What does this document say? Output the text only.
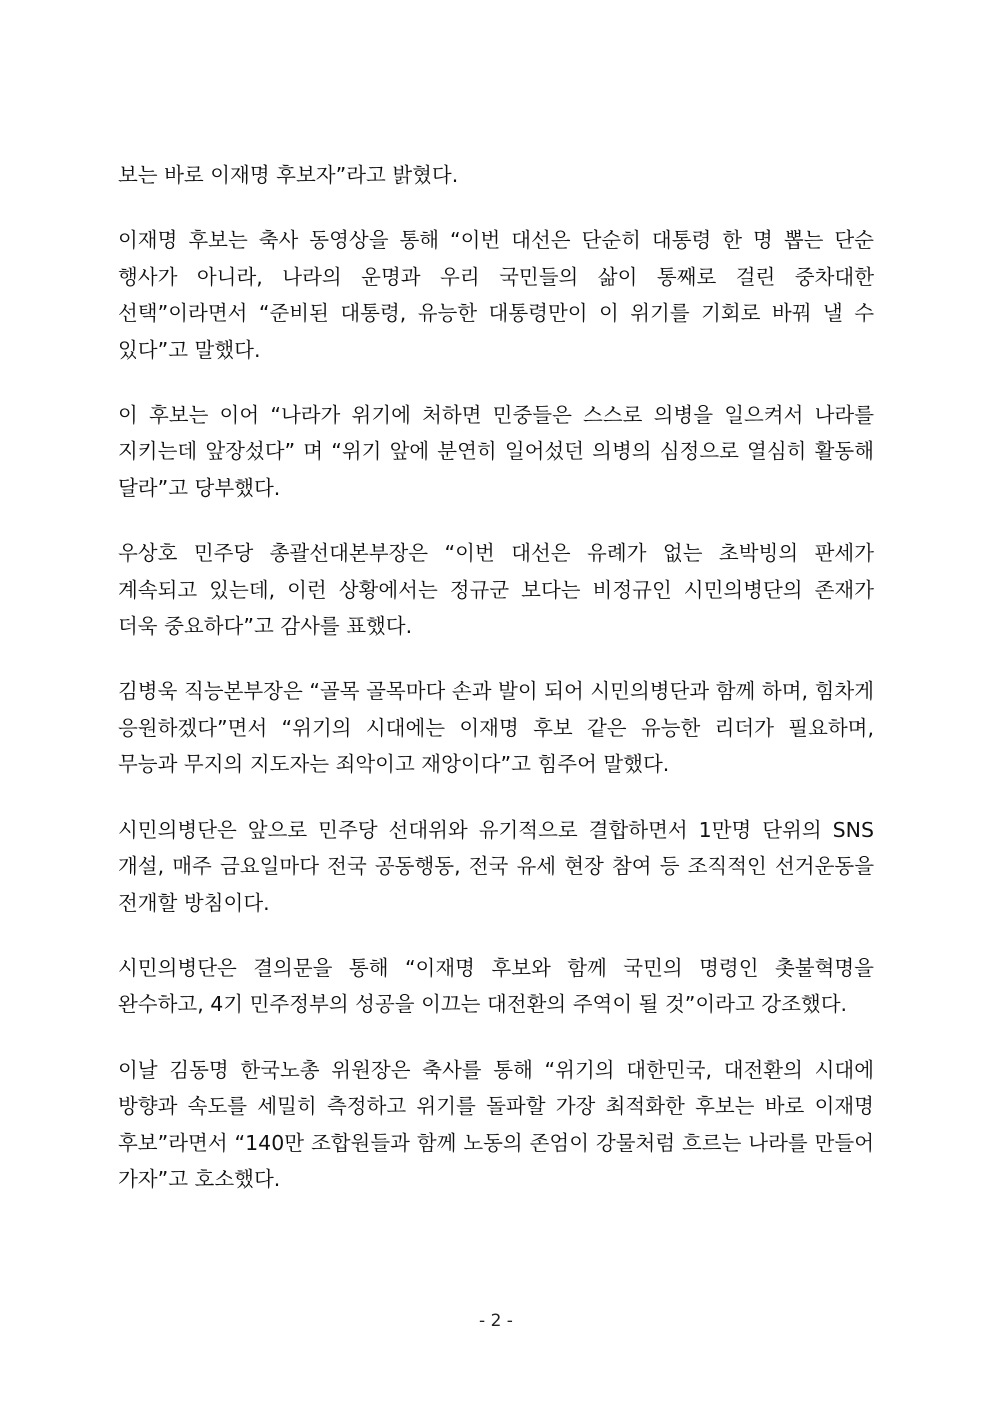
보는 바로 이재명 후보자”라고 밝혔다.

이재명 후보는 축사 동영상을 통해 “이번 대선은 단순히 대통령 한 명 뽑는 단순 행사가 아니라, 나라의 운명과 우리 국민들의 삶이 통째로 걸린 중차대한 선택”이라면서 “준비된 대통령, 유능한 대통령만이 이 위기를 기회로 바꿔 낼 수 있다”고 말했다.

이 후보는 이어 “나라가 위기에 처하면 민중들은 스스로 의병을 일으켜서 나라를 지키는데 앞장섰다” 며 “위기 앞에 분연히 일어섰던 의병의 심정으로 열심히 활동해 달라”고 당부했다.

우상호 민주당 총괄선대본부장은 “이번 대선은 유례가 없는 초박빙의 판세가 계속되고 있는데, 이런 상황에서는 정규군 보다는 비정규인 시민의병단의 존재가 더욱 중요하다”고 감사를 표했다.

김병욱 직능본부장은 “골목 골목마다 손과 발이 되어 시민의병단과 함께 하며, 힘차게 응원하겠다”면서 “위기의 시대에는 이재명 후보 같은 유능한 리더가 필요하며, 무능과 무지의 지도자는 죄악이고 재앙이다”고 힘주어 말했다.

시민의병단은 앞으로 민주당 선대위와 유기적으로 결합하면서 1만명 단위의 SNS 개설, 매주 금요일마다 전국 공동행동, 전국 유세 현장 참여 등 조직적인 선거운동을 전개할 방침이다.

시민의병단은 결의문을 통해 “이재명 후보와 함께 국민의 명령인 촛불혁명을 완수하고, 4기 민주정부의 성공을 이끄는 대전환의 주역이 될 것”이라고 강조했다.

이날 김동명 한국노총 위원장은 축사를 통해 “위기의 대한민국, 대전환의 시대에 방향과 속도를 세밀히 측정하고 위기를 돌파할 가장 최적화한 후보는 바로 이재명 후보”라면서 “140만 조합원들과 함께 노동의 존엄이 강물처럼 흐르는 나라를 만들어 가자”고 호소했다.

- 2 -
